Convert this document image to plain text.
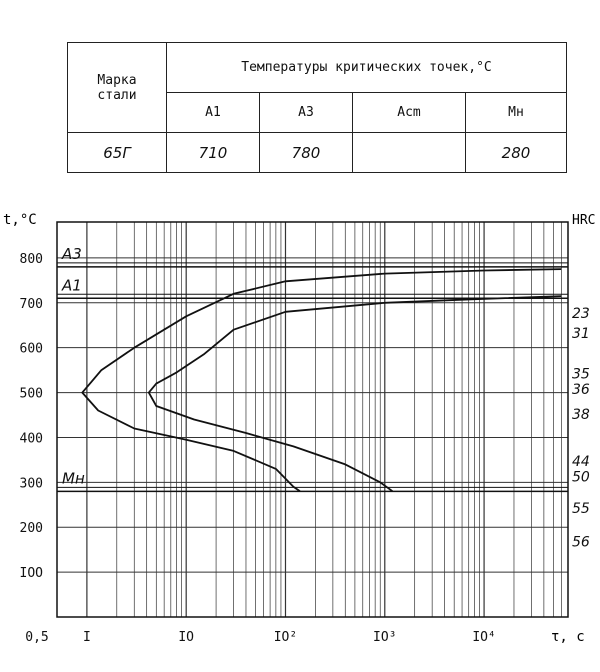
Марка
стали	Температуры критических точек,°С			
	A1	A3	Acm	Mн
65Г	710	780		280
A3
A1
Mн
IOO
200
300
400
500
600
700
800
0,5	I	IO	IO²	IO³	IO⁴
23
31
35
36
38
44
50
55
56
t,°C
τ, c
HRC
